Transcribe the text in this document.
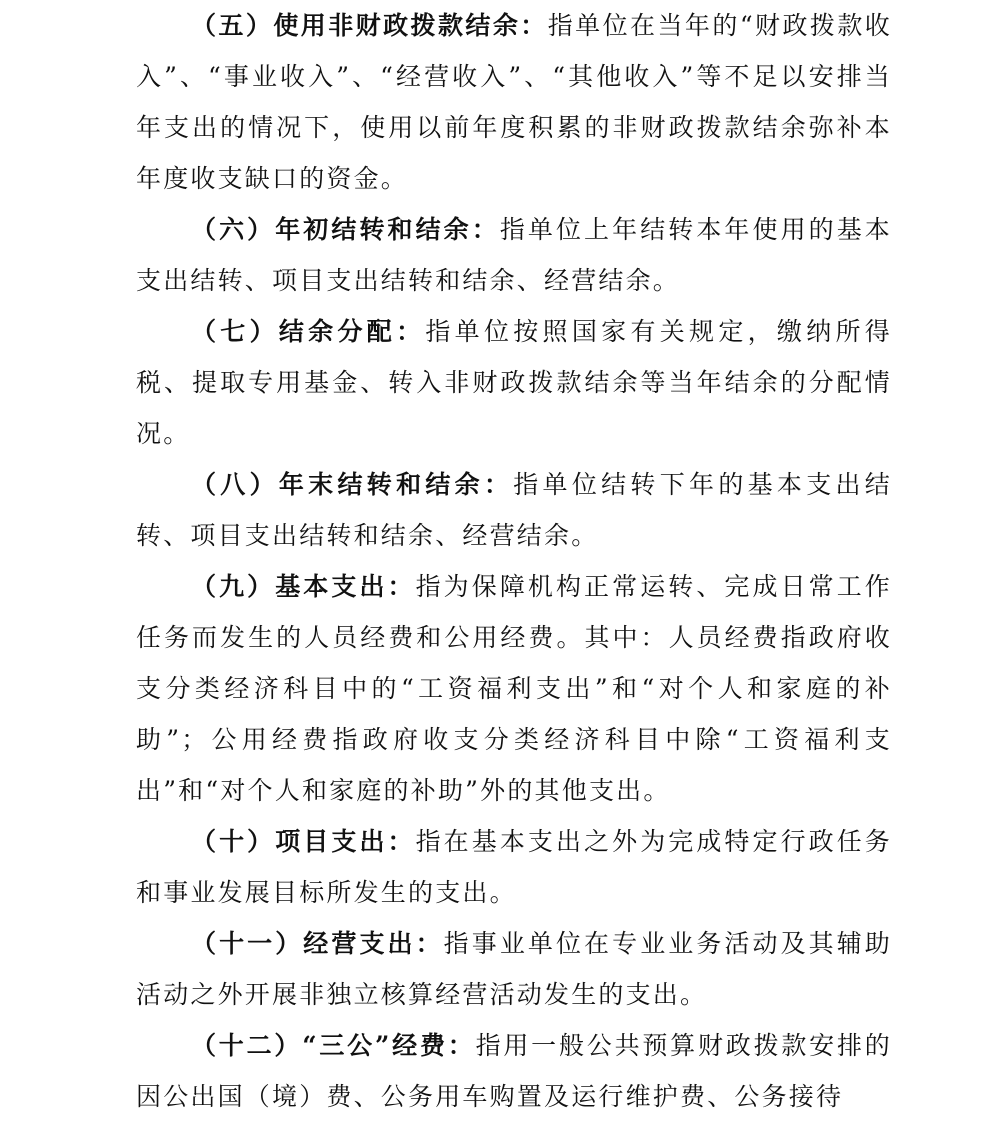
（五）使用非财政拨款结余：指单位在当年的“财政拨款收入”、“事业收入”、“经营收入”、“其他收入”等不足以安排当年支出的情况下，使用以前年度积累的非财政拨款结余弥补本年度收支缺口的资金。

（六）年初结转和结余：指单位上年结转本年使用的基本支出结转、项目支出结转和结余、经营结余。

（七）结余分配：指单位按照国家有关规定，缴纳所得税、提取专用基金、转入非财政拨款结余等当年结余的分配情况。

（八）年末结转和结余：指单位结转下年的基本支出结转、项目支出结转和结余、经营结余。

（九）基本支出：指为保障机构正常运转、完成日常工作任务而发生的人员经费和公用经费。其中：人员经费指政府收支分类经济科目中的“工资福利支出”和“对个人和家庭的补助”；公用经费指政府收支分类经济科目中除“工资福利支出”和“对个人和家庭的补助”外的其他支出。

（十）项目支出：指在基本支出之外为完成特定行政任务和事业发展目标所发生的支出。

（十一）经营支出：指事业单位在专业业务活动及其辅助活动之外开展非独立核算经营活动发生的支出。

（十二）“三公”经费：指用一般公共预算财政拨款安排的因公出国（境）费、公务用车购置及运行维护费、公务接待
